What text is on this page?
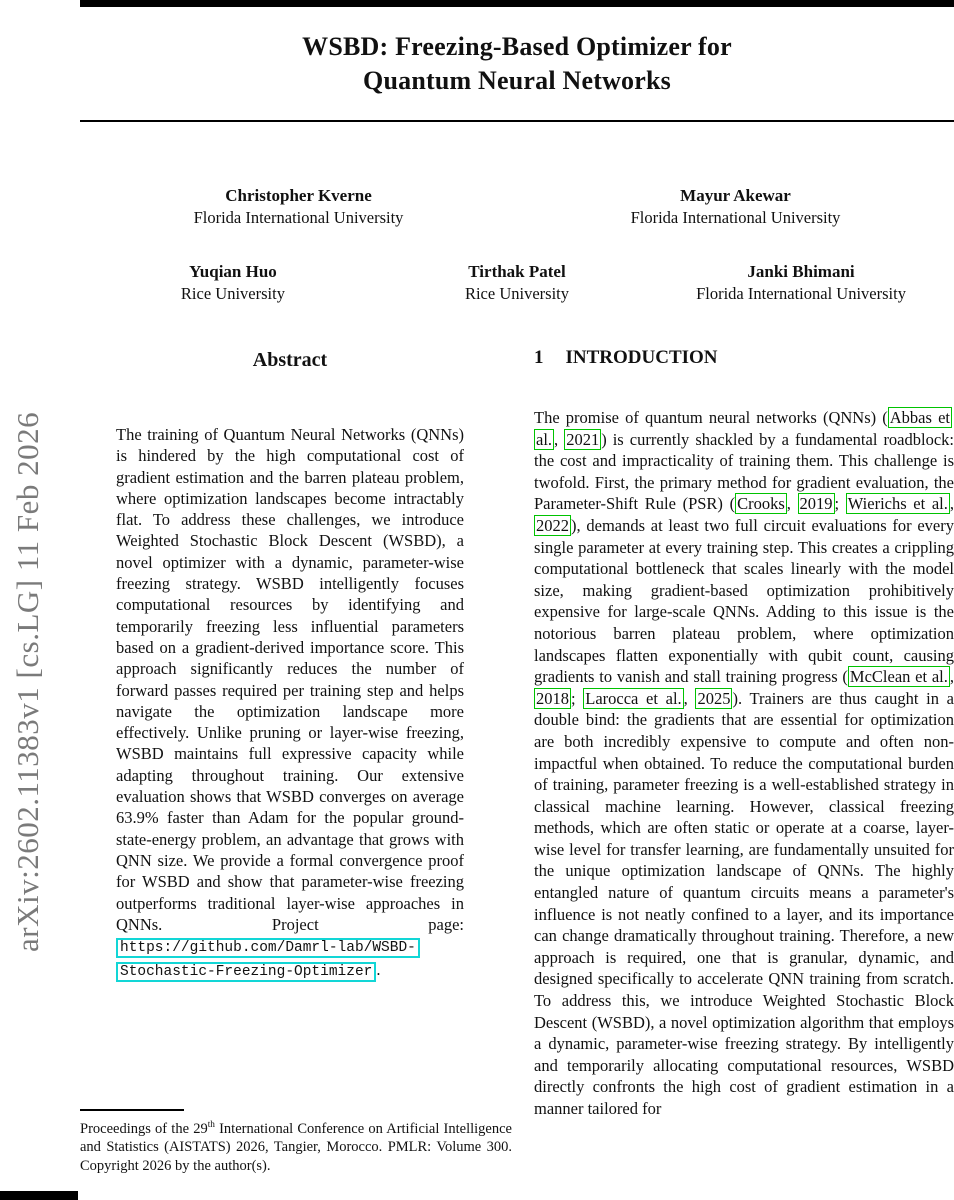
arXiv:2602.11383v1 [cs.LG] 11 Feb 2026
WSBD: Freezing-Based Optimizer for
Quantum Neural Networks
Christopher Kverne
Florida International University
Mayur Akewar
Florida International University
Yuqian Huo
Rice University
Tirthak Patel
Rice University
Janki Bhimani
Florida International University
Abstract
The training of Quantum Neural Networks (QNNs) is hindered by the high computational cost of gradient estimation and the barren plateau problem, where optimization landscapes become intractably flat. To address these challenges, we introduce Weighted Stochastic Block Descent (WSBD), a novel optimizer with a dynamic, parameter-wise freezing strategy. WSBD intelligently focuses computational resources by identifying and temporarily freezing less influential parameters based on a gradient-derived importance score. This approach significantly reduces the number of forward passes required per training step and helps navigate the optimization landscape more effectively. Unlike pruning or layer-wise freezing, WSBD maintains full expressive capacity while adapting throughout training. Our extensive evaluation shows that WSBD converges on average 63.9% faster than Adam for the popular ground-state-energy problem, an advantage that grows with QNN size. We provide a formal convergence proof for WSBD and show that parameter-wise freezing outperforms traditional layer-wise approaches in QNNs. Project page: https://github.com/Damrl-lab/WSBD-Stochastic-Freezing-Optimizer .
Proceedings of the 29th International Conference on Artificial Intelligence and Statistics (AISTATS) 2026, Tangier, Morocco. PMLR: Volume 300. Copyright 2026 by the author(s).
1 INTRODUCTION
The promise of quantum neural networks (QNNs) ( Abbas et al. , 2021 ) is currently shackled by a fundamental roadblock: the cost and impracticality of training them. This challenge is twofold. First, the primary method for gradient evaluation, the Parameter-Shift Rule (PSR) ( Crooks , 2019 ; Wierichs et al. , 2022 ), demands at least two full circuit evaluations for every single parameter at every training step. This creates a crippling computational bottleneck that scales linearly with the model size, making gradient-based optimization prohibitively expensive for large-scale QNNs. Adding to this issue is the notorious barren plateau problem, where optimization landscapes flatten exponentially with qubit count, causing gradients to vanish and stall training progress ( McClean et al. , 2018 ; Larocca et al. , 2025 ). Trainers are thus caught in a double bind: the gradients that are essential for optimization are both incredibly expensive to compute and often non-impactful when obtained. To reduce the computational burden of training, parameter freezing is a well-established strategy in classical machine learning. However, classical freezing methods, which are often static or operate at a coarse, layer-wise level for transfer learning, are fundamentally unsuited for the unique optimization landscape of QNNs. The highly entangled nature of quantum circuits means a parameter's influence is not neatly confined to a layer, and its importance can change dramatically throughout training. Therefore, a new approach is required, one that is granular, dynamic, and designed specifically to accelerate QNN training from scratch. To address this, we introduce Weighted Stochastic Block Descent (WSBD), a novel optimization algorithm that employs a dynamic, parameter-wise freezing strategy. By intelligently and temporarily allocating computational resources, WSBD directly confronts the high cost of gradient estimation in a manner tailored for
